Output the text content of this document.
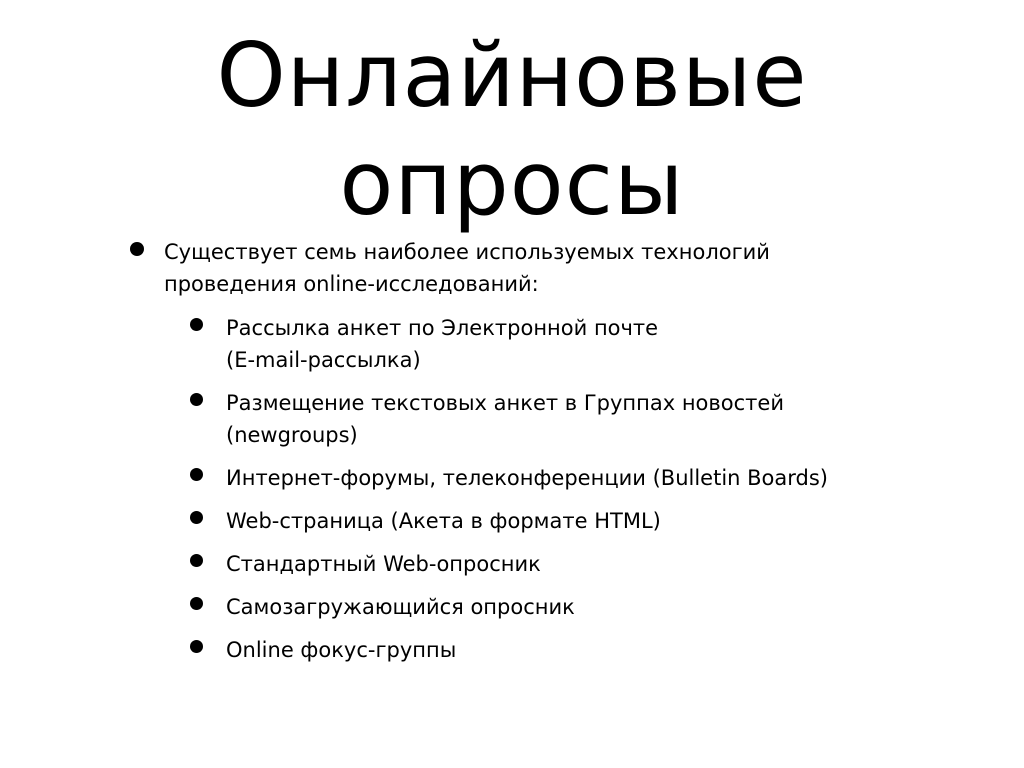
Онлайновые
опросы

Существует семь наиболее используемых технологий
проведения online-исследований:

Рассылка анкет по Электронной почте
(E-mail-рассылка)
Размещение текстовых анкет в Группах новостей
(newgroups)
Интернет-форумы, телеконференции (Bulletin Boards)
Web-страница (Акета в формате HTML)
Стандартный Web-опросник
Самозагружающийся опросник
Online фокус-группы
